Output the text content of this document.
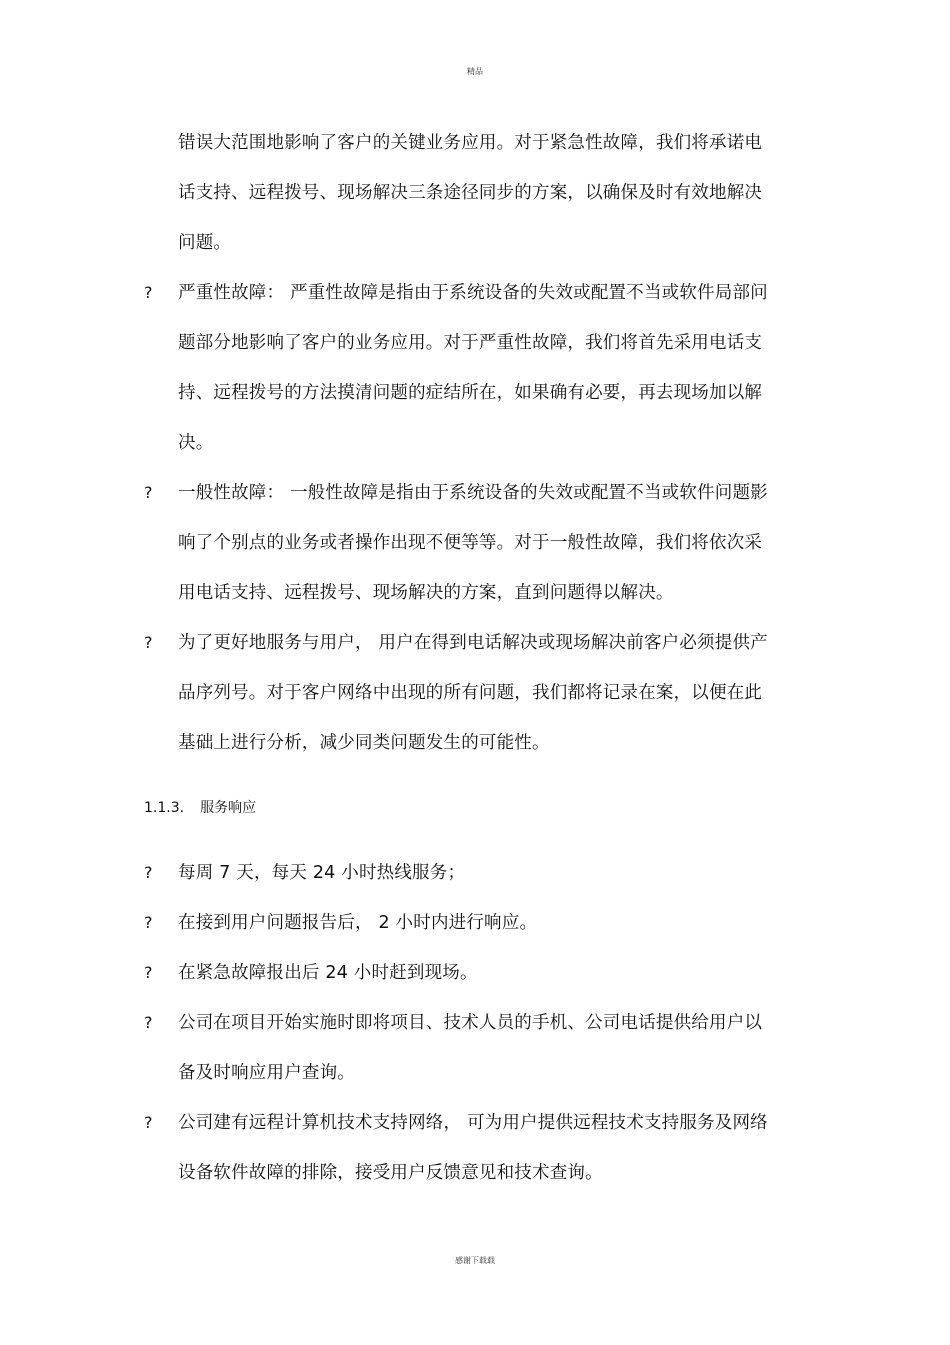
精品
错误大范围地影响了客户的关键业务应用。对于紧急性故障，我们将承诺电
话支持、远程拨号、现场解决三条途径同步的方案，以确保及时有效地解决
问题。
? 严重性故障： 严重性故障是指由于系统设备的失效或配置不当或软件局部问
题部分地影响了客户的业务应用。对于严重性故障，我们将首先采用电话支
持、远程拨号的方法摸清问题的症结所在，如果确有必要，再去现场加以解
决。
? 一般性故障： 一般性故障是指由于系统设备的失效或配置不当或软件问题影
响了个别点的业务或者操作出现不便等等。对于一般性故障，我们将依次采
用电话支持、远程拨号、现场解决的方案，直到问题得以解决。
? 为了更好地服务与用户， 用户在得到电话解决或现场解决前客户必须提供产
品序列号。对于客户网络中出现的所有问题，我们都将记录在案，以便在此
基础上进行分析，减少同类问题发生的可能性。
1.1.3. 服务响应
? 每周 7 天，每天 24 小时热线服务；
? 在接到用户问题报告后， 2 小时内进行响应。
? 在紧急故障报出后 24 小时赶到现场。
? 公司在项目开始实施时即将项目、技术人员的手机、公司电话提供给用户以
备及时响应用户查询。
? 公司建有远程计算机技术支持网络， 可为用户提供远程技术支持服务及网络
设备软件故障的排除，接受用户反馈意见和技术查询。
感谢下载载
